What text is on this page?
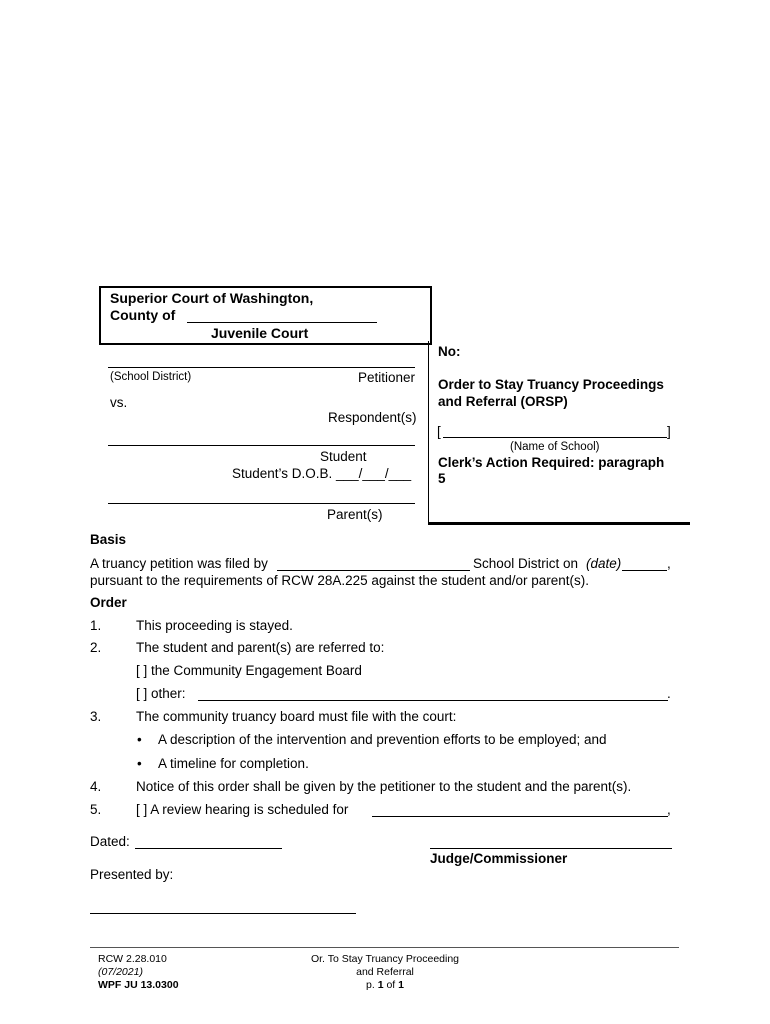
Superior Court of Washington,
County of
Juvenile Court
(School District)	Petitioner
vs.
Respondent(s)
Student
Student’s D.O.B. ___/___/___
Parent(s)
No:
Order to Stay Truancy Proceedings
and Referral (ORSP)
[	]
(Name of School)
Clerk’s Action Required: paragraph
5
Basis
A truancy petition was filed by	School District on (date)	,
pursuant to the requirements of RCW 28A.225 against the student and/or parent(s).
Order
1.	This proceeding is stayed.
2.	The student and parent(s) are referred to:
[ ] the Community Engagement Board
[ ] other:	.
3.	The community truancy board must file with the court:
• A description of the intervention and prevention efforts to be employed; and
• A timeline for completion.
4.	Notice of this order shall be given by the petitioner to the student and the parent(s).
5.	[ ] A review hearing is scheduled for	,
Dated:
Judge/Commissioner
Presented by:
RCW 2.28.010
(07/2021)
WPF JU 13.0300
Or. To Stay Truancy Proceeding
and Referral
p. 1 of 1
